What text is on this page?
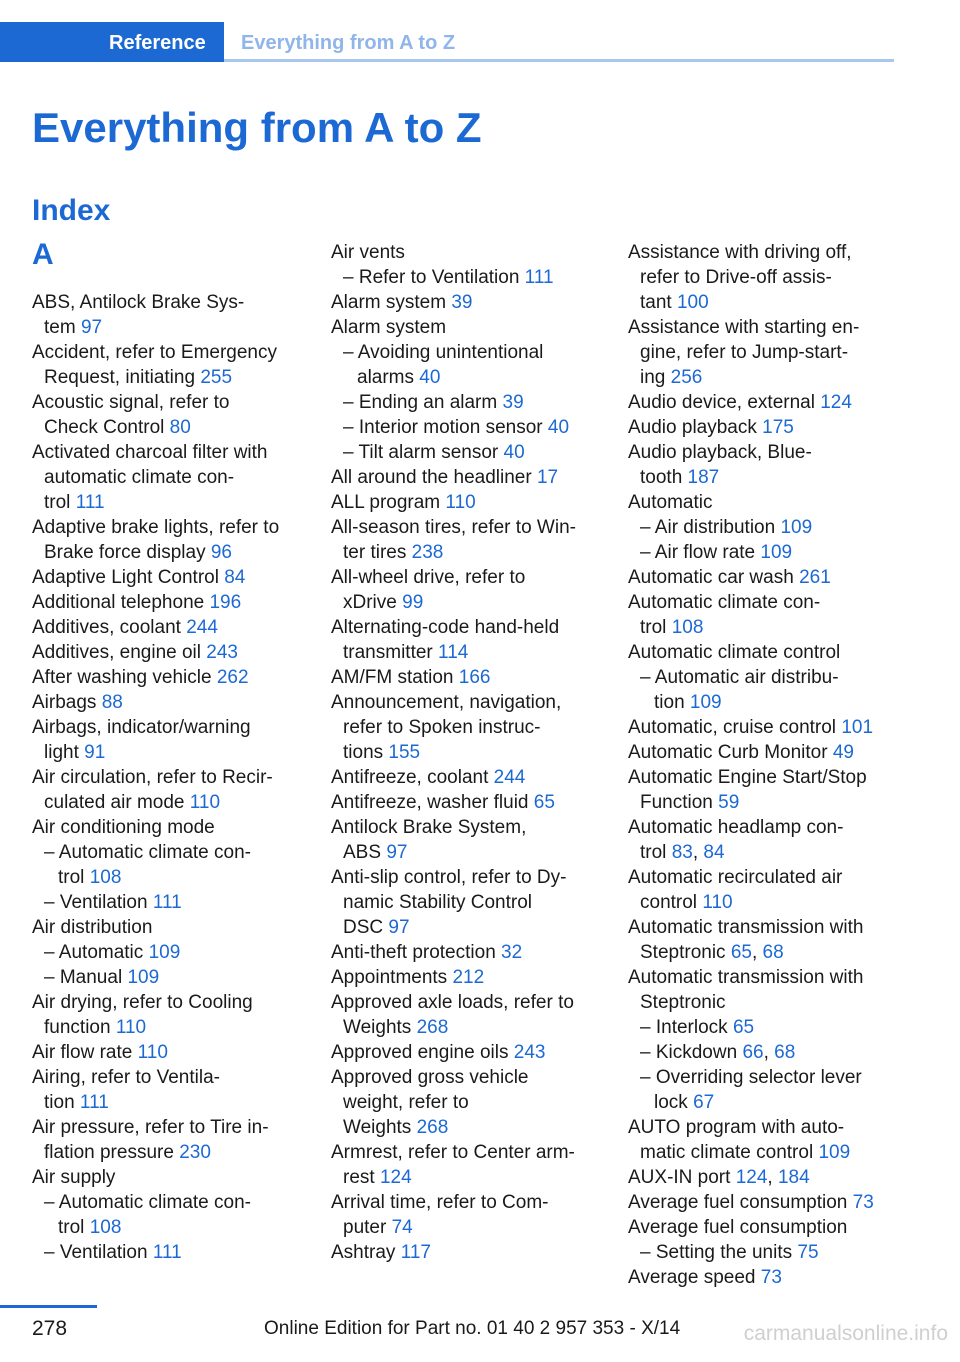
Reference	Everything from A to Z
Everything from A to Z
Index
A
ABS, Antilock Brake Sys-
tem 97
Accident, refer to Emergency
Request, initiating 255
Acoustic signal, refer to
Check Control 80
Activated charcoal filter with
automatic climate con-
trol 111
Adaptive brake lights, refer to
Brake force display 96
Adaptive Light Control 84
Additional telephone 196
Additives, coolant 244
Additives, engine oil 243
After washing vehicle 262
Airbags 88
Airbags, indicator/warning
light 91
Air circulation, refer to Recir-
culated air mode 110
Air conditioning mode
– Automatic climate con-
trol 108
– Ventilation 111
Air distribution
– Automatic 109
– Manual 109
Air drying, refer to Cooling
function 110
Air flow rate 110
Airing, refer to Ventila-
tion 111
Air pressure, refer to Tire in-
flation pressure 230
Air supply
– Automatic climate con-
trol 108
– Ventilation 111
Air vents
– Refer to Ventilation 111
Alarm system 39
Alarm system
– Avoiding unintentional
alarms 40
– Ending an alarm 39
– Interior motion sensor 40
– Tilt alarm sensor 40
All around the headliner 17
ALL program 110
All-season tires, refer to Win-
ter tires 238
All-wheel drive, refer to
xDrive 99
Alternating-code hand-held
transmitter 114
AM/FM station 166
Announcement, navigation,
refer to Spoken instruc-
tions 155
Antifreeze, coolant 244
Antifreeze, washer fluid 65
Antilock Brake System,
ABS 97
Anti-slip control, refer to Dy-
namic Stability Control
DSC 97
Anti-theft protection 32
Appointments 212
Approved axle loads, refer to
Weights 268
Approved engine oils 243
Approved gross vehicle
weight, refer to
Weights 268
Armrest, refer to Center arm-
rest 124
Arrival time, refer to Com-
puter 74
Ashtray 117
Assistance with driving off,
refer to Drive-off assis-
tant 100
Assistance with starting en-
gine, refer to Jump-start-
ing 256
Audio device, external 124
Audio playback 175
Audio playback, Blue-
tooth 187
Automatic
– Air distribution 109
– Air flow rate 109
Automatic car wash 261
Automatic climate con-
trol 108
Automatic climate control
– Automatic air distribu-
tion 109
Automatic, cruise control 101
Automatic Curb Monitor 49
Automatic Engine Start/Stop
Function 59
Automatic headlamp con-
trol 83, 84
Automatic recirculated air
control 110
Automatic transmission with
Steptronic 65, 68
Automatic transmission with
Steptronic
– Interlock 65
– Kickdown 66, 68
– Overriding selector lever
lock 67
AUTO program with auto-
matic climate control 109
AUX-IN port 124, 184
Average fuel consumption 73
Average fuel consumption
– Setting the units 75
Average speed 73
278	Online Edition for Part no. 01 40 2 957 353 - X/14	carmanualsonline.info
